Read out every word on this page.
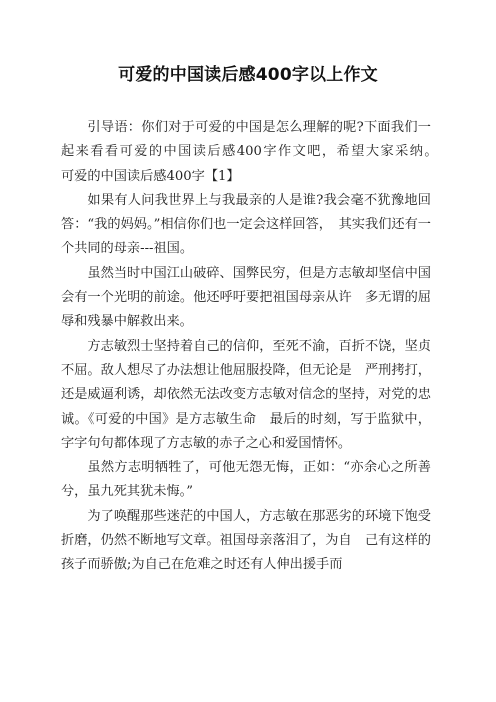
可爱的中国读后感400字以上作文

引导语：你们对于可爱的中国是怎么理解的呢?下面我们一起来看看可爱的中国读后感400字作文吧，希望大家采纳。　　可爱的中国读后感400字【1】

如果有人问我世界上与我最亲的人是谁?我会毫不犹豫地回答：“我的妈妈。”相信你们也一定会这样回答，　其实我们还有一个共同的母亲---祖国。

虽然当时中国江山破碎、国弊民穷，但是方志敏却坚信中国会有一个光明的前途。他还呼吁要把祖国母亲从许　多无谓的屈辱和残暴中解救出来。

方志敏烈士坚持着自己的信仰，至死不渝，百折不饶，坚贞不屈。敌人想尽了办法想让他屈服投降，但无论是　严刑拷打，还是威逼利诱，却依然无法改变方志敏对信念的坚持，对党的忠诚。《可爱的中国》是方志敏生命　最后的时刻，写于监狱中，字字句句都体现了方志敏的赤子之心和爱国情怀。

虽然方志明牺牲了，可他无怨无悔，正如：“亦余心之所善兮，虽九死其犹未悔。”

为了唤醒那些迷茫的中国人，方志敏在那恶劣的环境下饱受折磨，仍然不断地写文章。祖国母亲落泪了，为自　己有这样的孩子而骄傲;为自己在危难之时还有人伸出援手而
